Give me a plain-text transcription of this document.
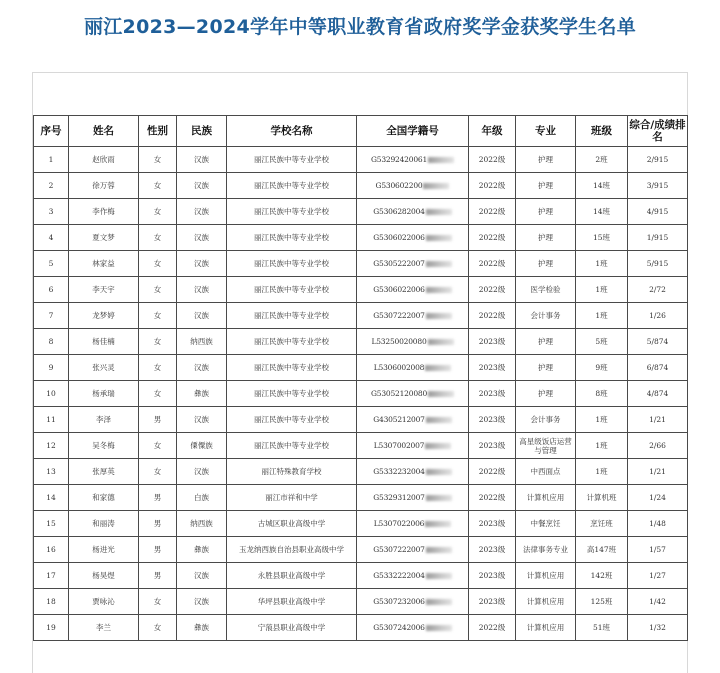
丽江2023—2024学年中等职业教育省政府奖学金获奖学生名单
序号	姓名	性别	民族	学校名称	全国学籍号	年级	专业	班级	综合/成绩排名
1	赵欣雨	女	汉族	丽江民族中等专业学校	G53292420061	2022级	护理	2班	2/915
2	徐万蓉	女	汉族	丽江民族中等专业学校	G530602200	2022级	护理	14班	3/915
3	李作梅	女	汉族	丽江民族中等专业学校	G5306282004	2022级	护理	14班	4/915
4	夏文梦	女	汉族	丽江民族中等专业学校	G5306022006	2022级	护理	15班	1/915
5	林家益	女	汉族	丽江民族中等专业学校	G5305222007	2022级	护理	1班	5/915
6	李天宇	女	汉族	丽江民族中等专业学校	G5306022006	2022级	医学检验	1班	2/72
7	龙梦婷	女	汉族	丽江民族中等专业学校	G5307222007	2022级	会计事务	1班	1/26
8	杨佳楠	女	纳西族	丽江民族中等专业学校	L53250020080	2023级	护理	5班	5/874
9	张兴灵	女	汉族	丽江民族中等专业学校	L5306002008	2023级	护理	9班	6/874
10	杨承瑞	女	彝族	丽江民族中等专业学校	G53052120080	2023级	护理	8班	4/874
11	李泽	男	汉族	丽江民族中等专业学校	G4305212007	2023级	会计事务	1班	1/21
12	吴冬梅	女	傈僳族	丽江民族中等专业学校	L5307002007	2023级	高星级饭店运营与管理	1班	2/66
13	张厚英	女	汉族	丽江特殊教育学校	G5332232004	2022级	中西面点	1班	1/21
14	和家德	男	白族	丽江市祥和中学	G5329312007	2022级	计算机应用	计算机班	1/24
15	和丽涛	男	纳西族	古城区职业高级中学	L5307022006	2023级	中餐烹饪	烹饪班	1/48
16	杨进光	男	彝族	玉龙纳西族自治县职业高级中学	G5307222007	2023级	法律事务专业	高147班	1/57
17	杨昊煜	男	汉族	永胜县职业高级中学	G5332222004	2023级	计算机应用	142班	1/27
18	贾咏沁	女	汉族	华坪县职业高级中学	G5307232006	2023级	计算机应用	125班	1/42
19	李兰	女	彝族	宁蒗县职业高级中学	G5307242006	2022级	计算机应用	51班	1/32
